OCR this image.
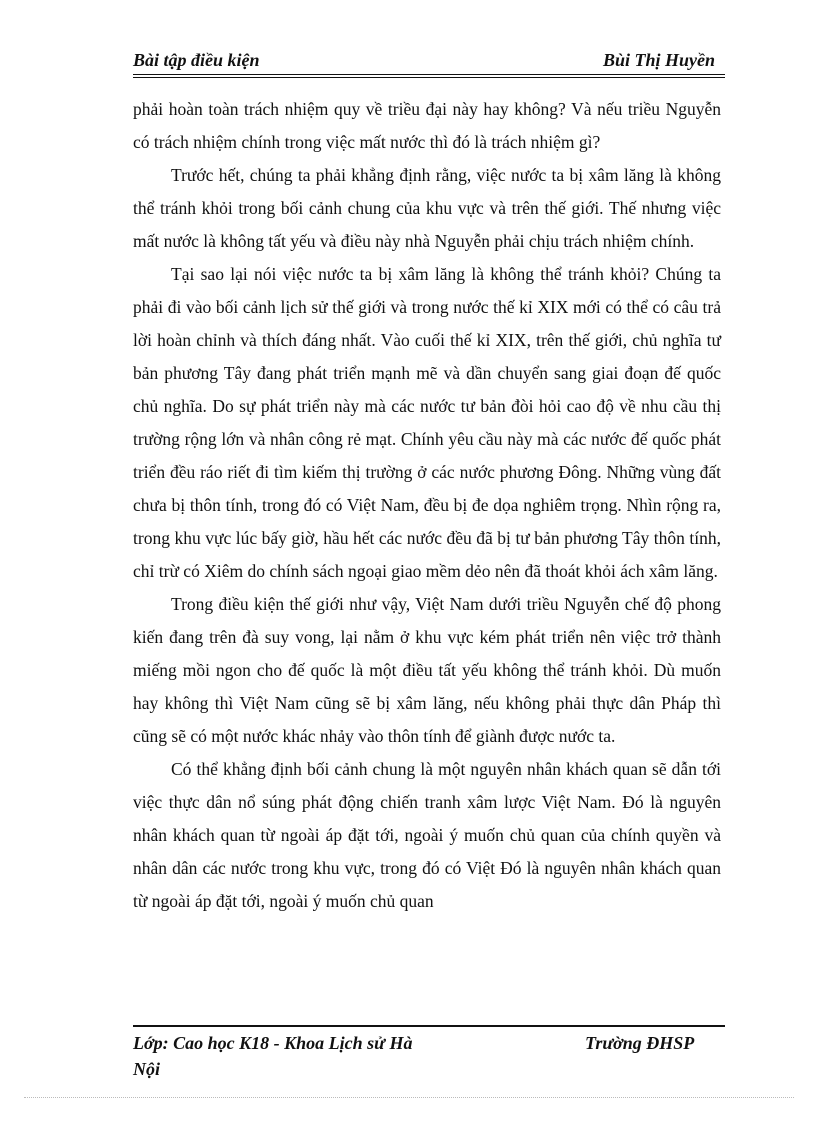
Bài tập điều kiện	Bùi Thị Huyền

phải hoàn toàn trách nhiệm quy về triều đại này hay không? Và nếu triều Nguyễn có trách nhiệm chính trong việc mất nước thì đó là trách nhiệm gì?

Trước hết, chúng ta phải khẳng định rằng, việc nước ta bị xâm lăng là không thể tránh khỏi trong bối cảnh chung của khu vực và trên thế giới. Thế nhưng việc mất nước là không tất yếu và điều này nhà Nguyễn phải chịu trách nhiệm chính.

Tại sao lại nói việc nước ta bị xâm lăng là không thể tránh khỏi? Chúng ta phải đi vào bối cảnh lịch sử thế giới và trong nước thế kỉ XIX mới có thể có câu trả lời hoàn chỉnh và thích đáng nhất. Vào cuối thế kỉ XIX, trên thế giới, chủ nghĩa tư bản phương Tây đang phát triển mạnh mẽ và dần chuyển sang giai đoạn đế quốc chủ nghĩa. Do sự phát triển này mà các nước tư bản đòi hỏi cao độ về nhu cầu thị trường rộng lớn và nhân công rẻ mạt. Chính yêu cầu này mà các nước đế quốc phát triển đều ráo riết đi tìm kiếm thị trường ở các nước phương Đông. Những vùng đất chưa bị thôn tính, trong đó có Việt Nam, đều bị đe dọa nghiêm trọng. Nhìn rộng ra, trong khu vực lúc bấy giờ, hầu hết các nước đều đã bị tư bản phương Tây thôn tính, chỉ trừ có Xiêm do chính sách ngoại giao mềm dẻo nên đã thoát khỏi ách xâm lăng.

Trong điều kiện thế giới như vậy, Việt Nam dưới triều Nguyễn chế độ phong kiến đang trên đà suy vong, lại nằm ở khu vực kém phát triển nên việc trở thành miếng mồi ngon cho đế quốc là một điều tất yếu không thể tránh khỏi. Dù muốn hay không thì Việt Nam cũng sẽ bị xâm lăng, nếu không phải thực dân Pháp thì cũng sẽ có một nước khác nhảy vào thôn tính để giành được nước ta.

Có thể khẳng định bối cảnh chung là một nguyên nhân khách quan sẽ dẫn tới việc thực dân nổ súng phát động chiến tranh xâm lược Việt Nam. Đó là nguyên nhân khách quan từ ngoài áp đặt tới, ngoài ý muốn chủ quan của chính quyền và nhân dân các nước trong khu vực, trong đó có Việt Đó là nguyên nhân khách quan từ ngoài áp đặt tới, ngoài ý muốn chủ quan

Lớp: Cao học K18 - Khoa Lịch sử Hà Nội
Trường ĐHSP
